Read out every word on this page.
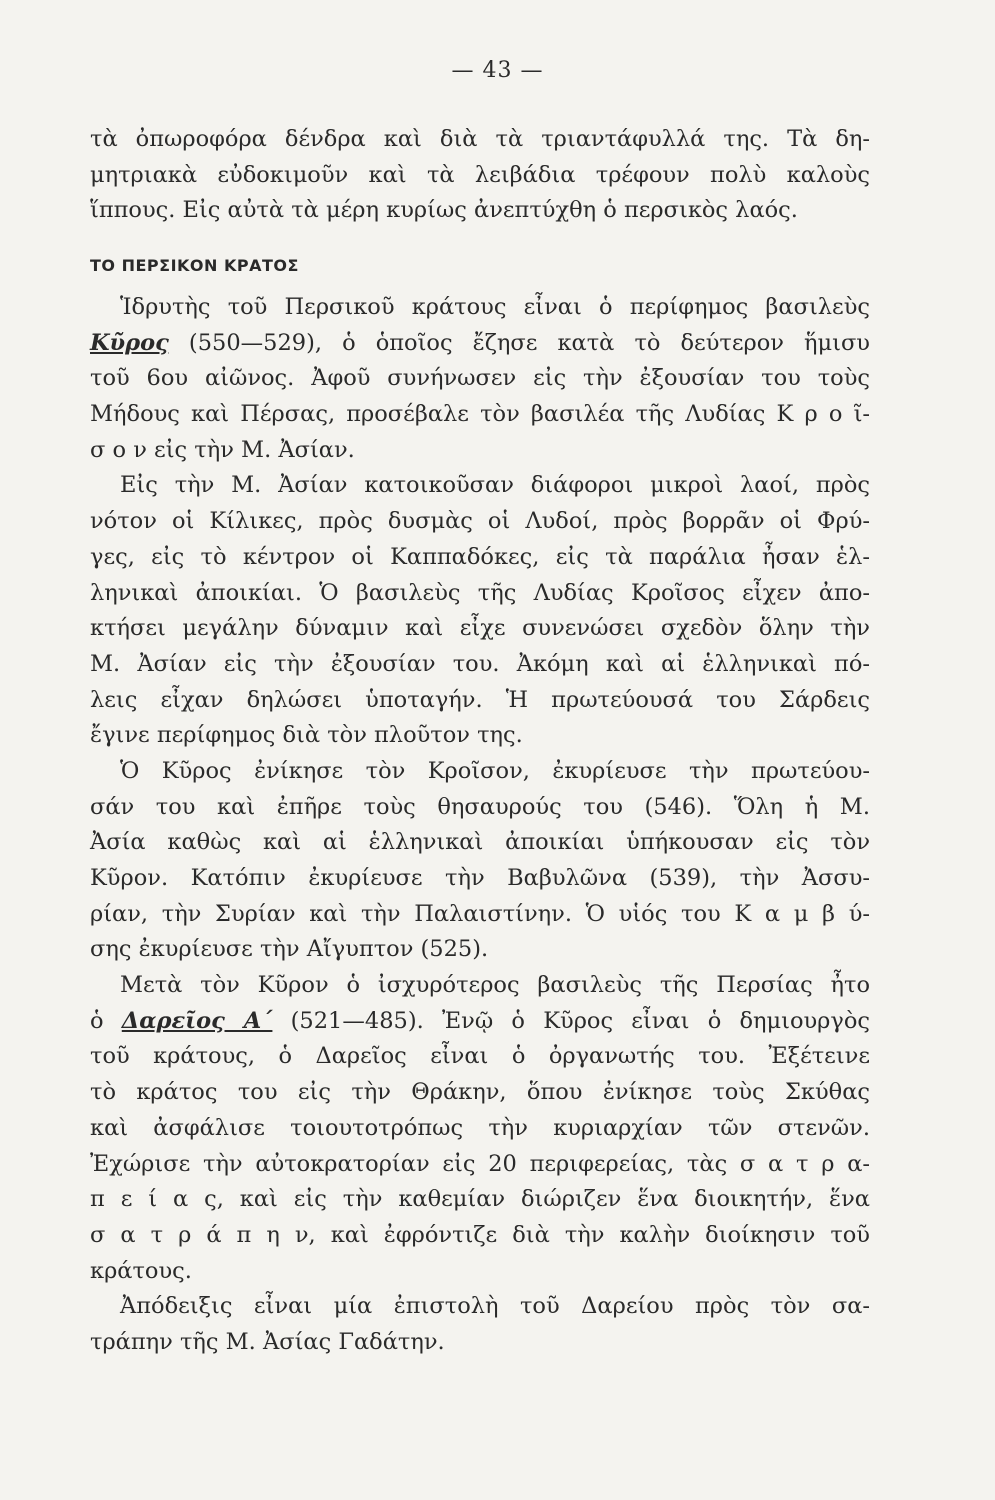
— 43 —
τὰ ὀπωροφόρα δένδρα καὶ διὰ τὰ τριαντάφυλλά της. Τὰ δη-
μητριακὰ εὐδοκιμοῦν καὶ τὰ λειβάδια τρέφουν πολὺ καλοὺς
ἵππους. Εἰς αὐτὰ τὰ μέρη κυρίως ἀνεπτύχθη ὁ περσικὸς λαός.
ΤΟ ΠΕΡΣΙΚΟΝ ΚΡΑΤΟΣ
Ἱδρυτὴς τοῦ Περσικοῦ κράτους εἶναι ὁ περίφημος βασιλεὺς
Κῦρος (550—529), ὁ ὁποῖος ἔζησε κατὰ τὸ δεύτερον ἥμισυ
τοῦ 6ου αἰῶνος. Ἀφοῦ συνήνωσεν εἰς τὴν ἐξουσίαν του τοὺς
Μήδους καὶ Πέρσας, προσέβαλε τὸν βασιλέα τῆς Λυδίας Κ ρ ο ῖ-
σ ο ν εἰς τὴν Μ. Ἀσίαν.
Εἰς τὴν Μ. Ἀσίαν κατοικοῦσαν διάφοροι μικροὶ λαοί, πρὸς
νότον οἱ Κίλικες, πρὸς δυσμὰς οἱ Λυδοί, πρὸς βορρᾶν οἱ Φρύ-
γες, εἰς τὸ κέντρον οἱ Καππαδόκες, εἰς τὰ παράλια ἦσαν ἑλ-
ληνικαὶ ἀποικίαι. Ὁ βασιλεὺς τῆς Λυδίας Κροῖσος εἶχεν ἀπο-
κτήσει μεγάλην δύναμιν καὶ εἶχε συνενώσει σχεδὸν ὅλην τὴν
Μ. Ἀσίαν εἰς τὴν ἐξουσίαν του. Ἀκόμη καὶ αἱ ἑλληνικαὶ πό-
λεις εἶχαν δηλώσει ὑποταγήν. Ἡ πρωτεύουσά του Σάρδεις
ἔγινε περίφημος διὰ τὸν πλοῦτον της.
Ὁ Κῦρος ἐνίκησε τὸν Κροῖσον, ἐκυρίευσε τὴν πρωτεύου-
σάν του καὶ ἐπῆρε τοὺς θησαυρούς του (546). Ὅλη ἡ Μ.
Ἀσία καθὼς καὶ αἱ ἑλληνικαὶ ἀποικίαι ὑπήκουσαν εἰς τὸν
Κῦρον. Κατόπιν ἐκυρίευσε τὴν Βαβυλῶνα (539), τὴν Ἀσσυ-
ρίαν, τὴν Συρίαν καὶ τὴν Παλαιστίνην. Ὁ υἱός του Κ α μ β ύ-
σης ἐκυρίευσε τὴν Αἴγυπτον (525).
Μετὰ τὸν Κῦρον ὁ ἰσχυρότερος βασιλεὺς τῆς Περσίας ἦτο
ὁ Δαρεῖος Α΄ (521—485). Ἐνῷ ὁ Κῦρος εἶναι ὁ δημιουργὸς
τοῦ κράτους, ὁ Δαρεῖος εἶναι ὁ ὀργανωτής του. Ἐξέτεινε
τὸ κράτος του εἰς τὴν Θράκην, ὅπου ἐνίκησε τοὺς Σκύθας
καὶ ἀσφάλισε τοιουτοτρόπως τὴν κυριαρχίαν τῶν στενῶν.
Ἐχώρισε τὴν αὐτοκρατορίαν εἰς 20 περιφερείας, τὰς σ α τ ρ α-
π ε ί α ς, καὶ εἰς τὴν καθεμίαν διώριζεν ἕνα διοικητήν, ἕνα
σ α τ ρ ά π η ν, καὶ ἐφρόντιζε διὰ τὴν καλὴν διοίκησιν τοῦ
κράτους.
Ἀπόδειξις εἶναι μία ἐπιστολὴ τοῦ Δαρείου πρὸς τὸν σα-
τράπην τῆς Μ. Ἀσίας Γαδάτην.
